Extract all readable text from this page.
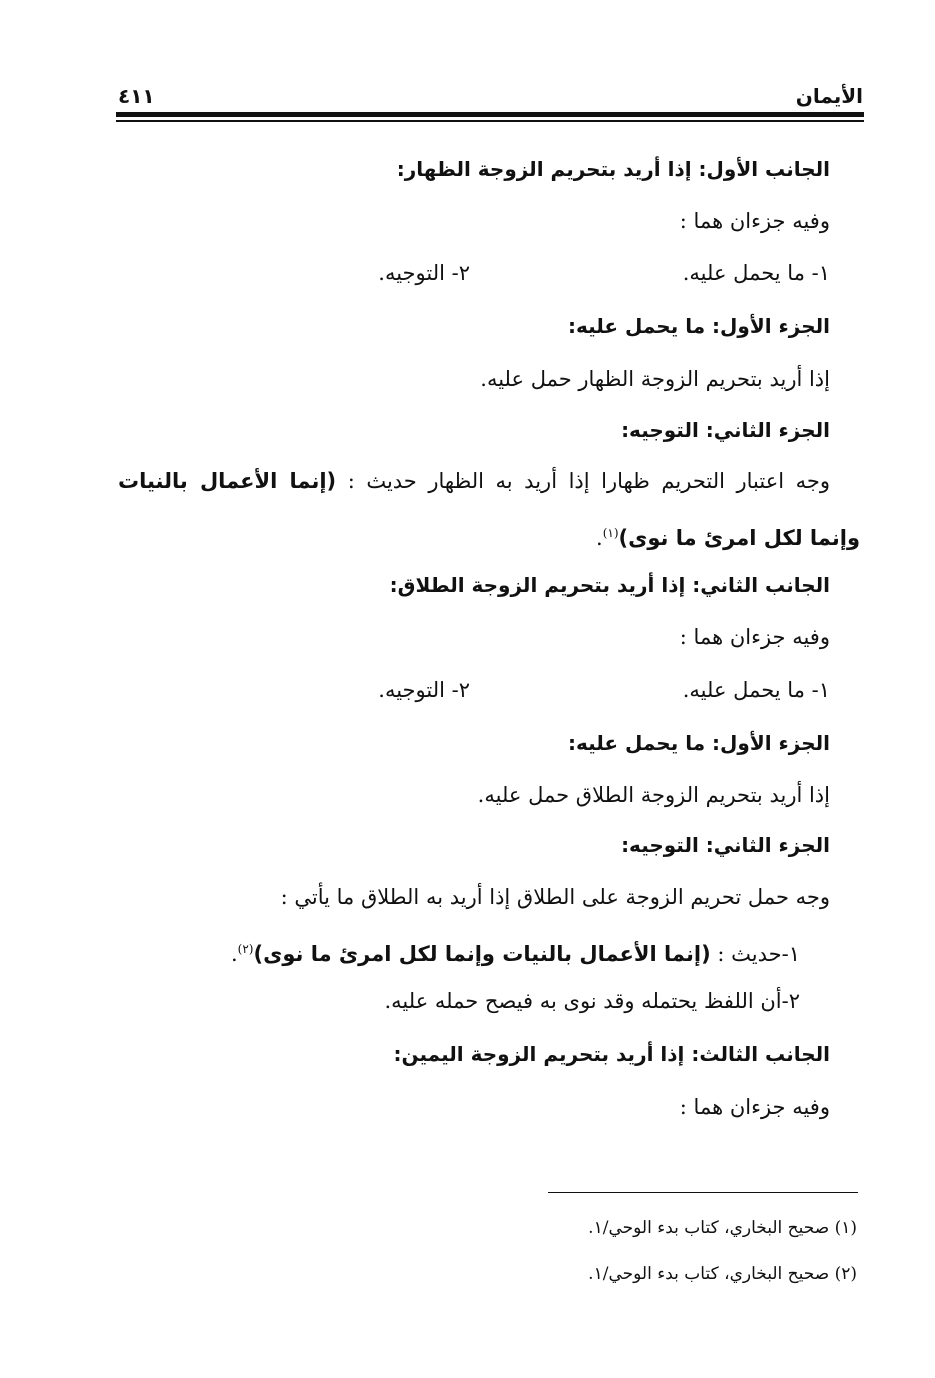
الأيمان
٤١١
الجانب الأول: إذا أريد بتحريم الزوجة الظهار:
وفيه جزءان هما :
١- ما يحمل عليه.
٢- التوجيه.
الجزء الأول: ما يحمل عليه:
إذا أريد بتحريم الزوجة الظهار حمل عليه.
الجزء الثاني: التوجيه:
وجه اعتبار التحريم ظهارا إذا أريد به الظهار حديث : (إنما الأعمال بالنيات
وإنما لكل امرئ ما نوى)$^{(١)}$.
الجانب الثاني: إذا أريد بتحريم الزوجة الطلاق:
وفيه جزءان هما :
١- ما يحمل عليه.
٢- التوجيه.
الجزء الأول: ما يحمل عليه:
إذا أريد بتحريم الزوجة الطلاق حمل عليه.
الجزء الثاني: التوجيه:
وجه حمل تحريم الزوجة على الطلاق إذا أريد به الطلاق ما يأتي :
١-حديث : (إنما الأعمال بالنيات وإنما لكل امرئ ما نوى)$^{(٢)}$.
٢-أن اللفظ يحتمله وقد نوى به فيصح حمله عليه.
الجانب الثالث: إذا أريد بتحريم الزوجة اليمين:
وفيه جزءان هما :
(١) صحيح البخاري، كتاب بدء الوحي/١.
(٢) صحيح البخاري، كتاب بدء الوحي/١.
